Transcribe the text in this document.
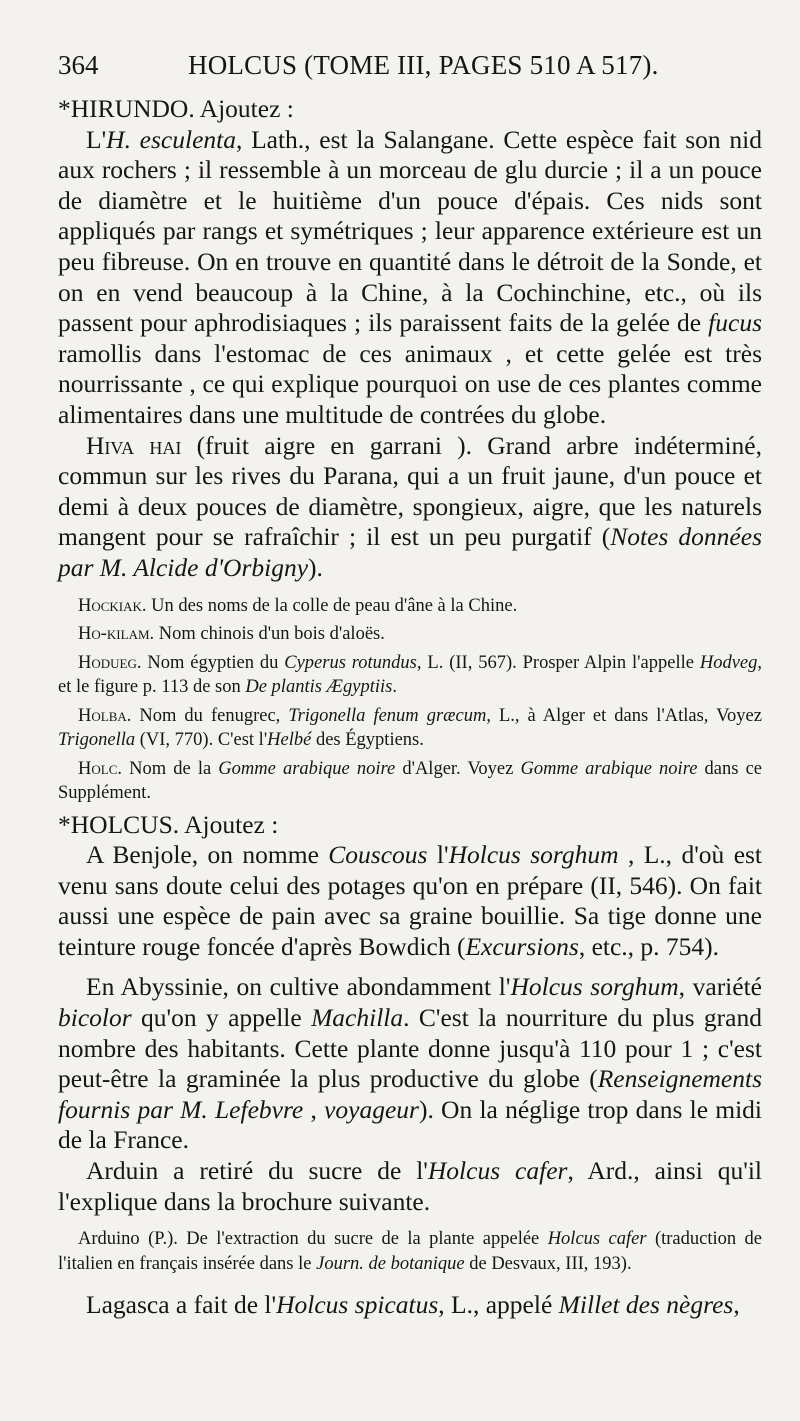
364	HOLCUS (TOME III, PAGES 510 A 517).

*HIRUNDO. Ajoutez :

L'H. esculenta, Lath., est la Salangane. Cette espèce fait son nid aux rochers ; il ressemble à un morceau de glu durcie ; il a un pouce de diamètre et le huitième d'un pouce d'épais. Ces nids sont appliqués par rangs et symétriques ; leur apparence extérieure est un peu fibreuse. On en trouve en quantité dans le détroit de la Sonde, et on en vend beaucoup à la Chine, à la Cochinchine, etc., où ils passent pour aphrodisiaques ; ils paraissent faits de la gelée de fucus ramollis dans l'estomac de ces animaux , et cette gelée est très nourrissante , ce qui explique pourquoi on use de ces plantes comme alimentaires dans une multitude de contrées du globe.

Hiva hai (fruit aigre en garrani ). Grand arbre indéterminé, commun sur les rives du Parana, qui a un fruit jaune, d'un pouce et demi à deux pouces de diamètre, spongieux, aigre, que les naturels mangent pour se rafraîchir ; il est un peu purgatif (Notes données par M. Alcide d'Orbigny).

Hockiak. Un des noms de la colle de peau d'âne à la Chine.

Ho-kilam. Nom chinois d'un bois d'aloës.

Hodueg. Nom égyptien du Cyperus rotundus, L. (II, 567). Prosper Alpin l'appelle Hodveg, et le figure p. 113 de son De plantis Ægyptiis.

Holba. Nom du fenugrec, Trigonella fenum græcum, L., à Alger et dans l'Atlas, Voyez Trigonella (VI, 770). C'est l'Helbé des Égyptiens.

Holc. Nom de la Gomme arabique noire d'Alger. Voyez Gomme arabique noire dans ce Supplément.

*HOLCUS. Ajoutez :

A Benjole, on nomme Couscous l'Holcus sorghum , L., d'où est venu sans doute celui des potages qu'on en prépare (II, 546). On fait aussi une espèce de pain avec sa graine bouillie. Sa tige donne une teinture rouge foncée d'après Bowdich (Excursions, etc., p. 754).

En Abyssinie, on cultive abondamment l'Holcus sorghum, variété bicolor qu'on y appelle Machilla. C'est la nourriture du plus grand nombre des habitants. Cette plante donne jusqu'à 110 pour 1 ; c'est peut-être la graminée la plus productive du globe (Renseignements fournis par M. Lefebvre , voyageur). On la néglige trop dans le midi de la France.

Arduin a retiré du sucre de l'Holcus cafer, Ard., ainsi qu'il l'explique dans la brochure suivante.

Arduino (P.). De l'extraction du sucre de la plante appelée Holcus cafer (traduction de l'italien en français insérée dans le Journ. de botanique de Desvaux, III, 193).

Lagasca a fait de l'Holcus spicatus, L., appelé Millet des nègres,
